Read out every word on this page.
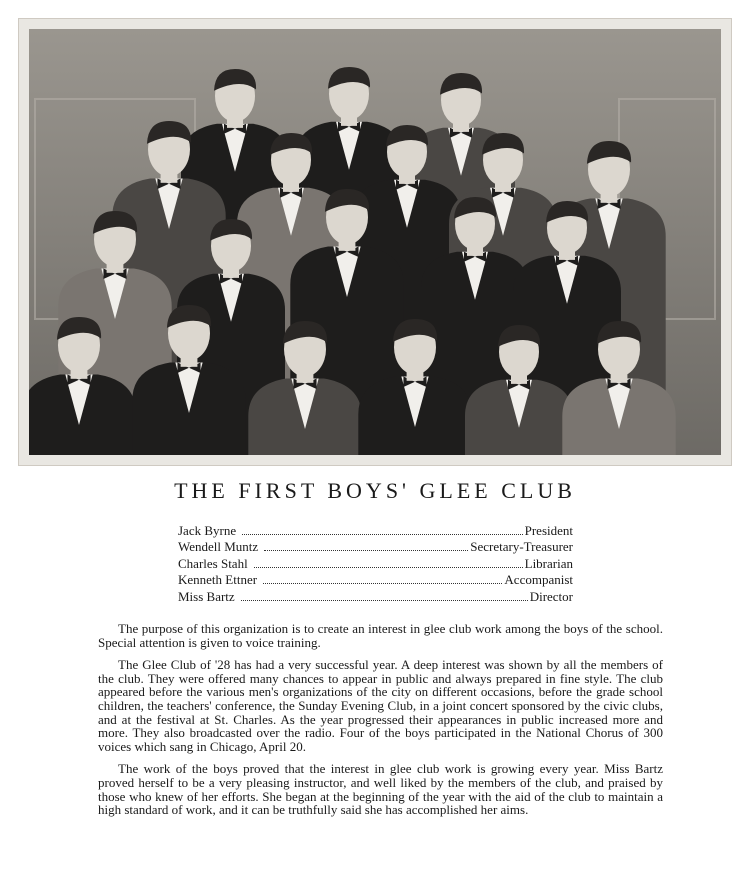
THE FIRST BOYS' GLEE CLUB
Jack Byrne	President
Wendell Muntz	Secretary-Treasurer
Charles Stahl	Librarian
Kenneth Ettner	Accompanist
Miss Bartz	Director

The purpose of this organization is to create an interest in glee club work among the boys of the school. Special attention is given to voice training.

The Glee Club of '28 has had a very successful year. A deep interest was shown by all the members of the club. They were offered many chances to appear in public and always prepared in fine style. The club appeared before the various men's organizations of the city on different occasions, before the grade school children, the teachers' conference, the Sunday Evening Club, in a joint concert sponsored by the civic clubs, and at the festival at St. Charles. As the year progressed their appearances in public increased more and more. They also broadcasted over the radio. Four of the boys participated in the National Chorus of 300 voices which sang in Chicago, April 20.

The work of the boys proved that the interest in glee club work is growing every year. Miss Bartz proved herself to be a very pleasing instructor, and well liked by the members of the club, and praised by those who knew of her efforts. She began at the beginning of the year with the aid of the club to maintain a high standard of work, and it can be truthfully said she has accomplished her aims.
